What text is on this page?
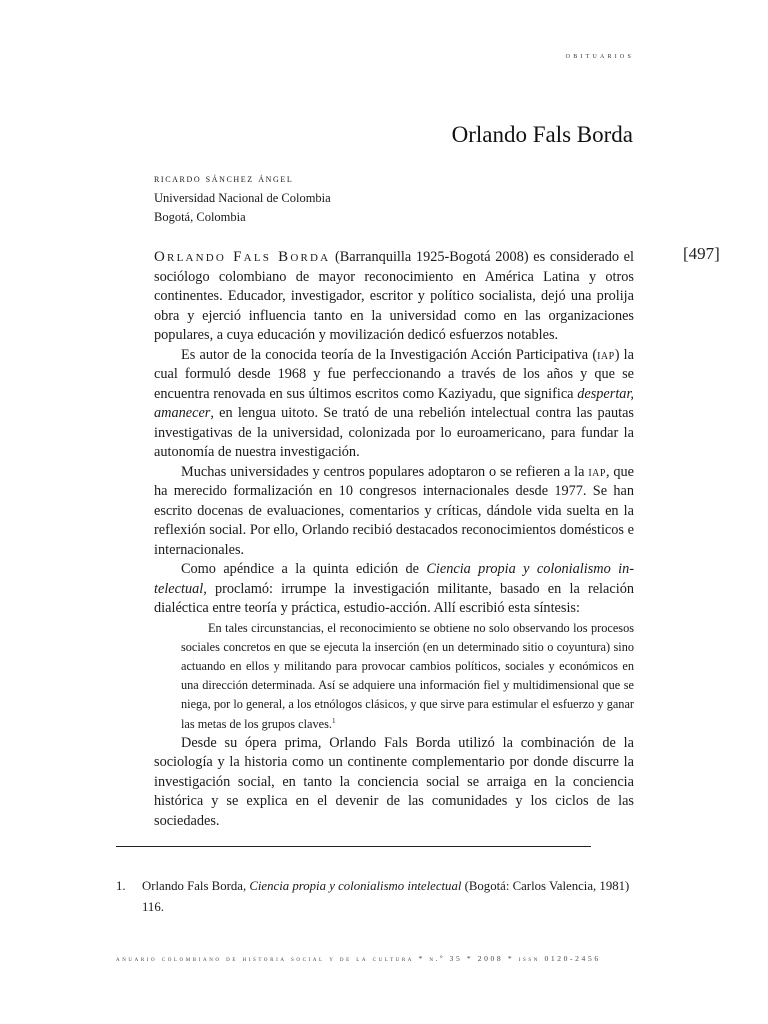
obituarios
Orlando Fals Borda
ricardo sánchez ángel
Universidad Nacional de Colombia
Bogotá, Colombia
[497]

Orlando Fals Borda (Barranquilla 1925-Bogotá 2008) es considerado el sociólogo colombiano de mayor reconocimiento en América Latina y otros continentes. Educador, investigador, escritor y político socialista, dejó una prolija obra y ejerció influencia tanto en la universidad como en las organizaciones populares, a cuya educación y movilización dedicó esfuerzos notables.

Es autor de la conocida teoría de la Investigación Acción Participativa (iap) la cual formuló desde 1968 y fue perfeccionando a través de los años y que se encuentra renovada en sus últimos escritos como Kaziyadu, que significa despertar, amanecer, en lengua uitoto. Se trató de una rebelión intelectual contra las pautas investigativas de la universidad, colonizada por lo euroamericano, para fundar la autonomía de nuestra investigación.

Muchas universidades y centros populares adoptaron o se refieren a la iap, que ha merecido formalización en 10 congresos internacionales desde 1977. Se han escrito docenas de evaluaciones, comentarios y críticas, dándole vida suelta en la reflexión social. Por ello, Orlando recibió destacados reconocimientos domésticos e internacionales.

Como apéndice a la quinta edición de Ciencia propia y colonialismo intelectual, proclamó: irrumpe la investigación militante, basado en la relación dialéctica entre teoría y práctica, estudio-acción. Allí escribió esta síntesis:

En tales circunstancias, el reconocimiento se obtiene no solo observando los procesos sociales concretos en que se ejecuta la inserción (en un determinado sitio o coyuntura) sino actuando en ellos y militando para provocar cambios políticos, sociales y económicos en una dirección determinada. Así se adquiere una información fiel y multidimensional que se niega, por lo general, a los etnólogos clásicos, y que sirve para estimular el esfuerzo y ganar las metas de los grupos claves.$^1$

Desde su ópera prima, Orlando Fals Borda utilizó la combinación de la sociología y la historia como un continente complementario por donde discurre la investigación social, en tanto la conciencia social se arraiga en la conciencia histórica y se explica en el devenir de las comunidades y los ciclos de las sociedades.

1. Orlando Fals Borda, Ciencia propia y colonialismo intelectual (Bogotá: Carlos Valencia, 1981) 116.
anuario colombiano de historia social y de la cultura * n.º 35 * 2008 * issn 0120-2456
